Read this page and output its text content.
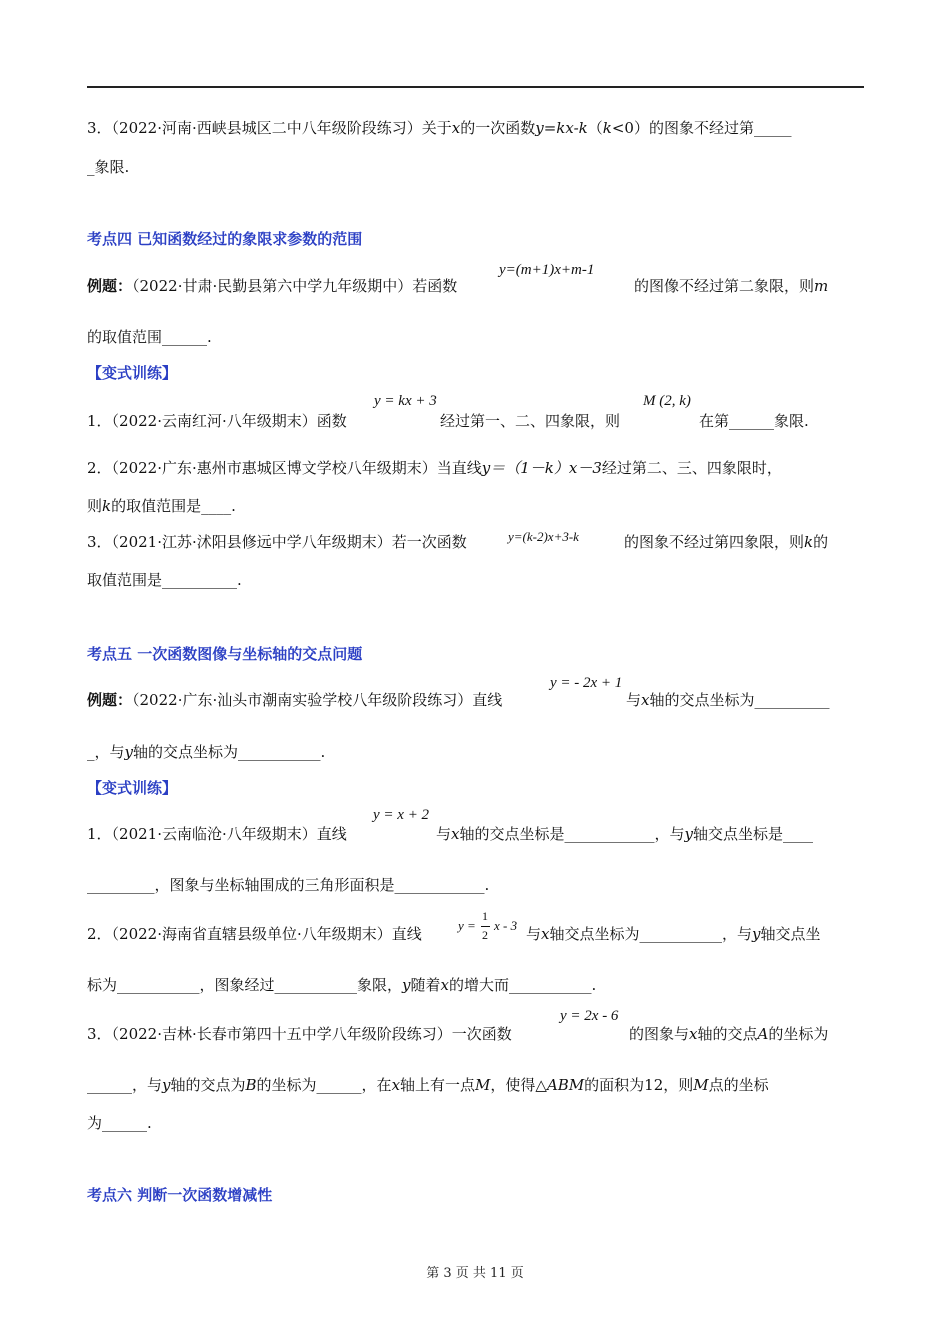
3．（2022·河南·西峡县城区二中八年级阶段练习）关于x的一次函数y=kx-k（k<0）的图象不经过第_____
_象限.
考点四 已知函数经过的象限求参数的范围
例题：（2022·甘肃·民勤县第六中学九年级期中）若函数
y=(m+1)x+m-1
的图像不经过第二象限，则m
的取值范围______.
【变式训练】
1．（2022·云南红河·八年级期末）函数
y = kx + 3
经过第一、二、四象限，则
M (2, k)
在第______象限.
2．（2022·广东·惠州市惠城区博文学校八年级期末）当直线y＝（1－k）x－3经过第二、三、四象限时，
则k的取值范围是____.
3．（2021·江苏·沭阳县修远中学八年级期末）若一次函数	y=(k-2)x+3-k	的图象不经过第四象限，则k的
取值范围是__________.
考点五 一次函数图像与坐标轴的交点问题
例题：（2022·广东·汕头市潮南实验学校八年级阶段练习）直线
y = - 2x + 1
与x轴的交点坐标为__________
_，与y轴的交点坐标为___________.
【变式训练】
1．（2021·云南临沧·八年级期末）直线
y = x + 2
与x轴的交点坐标是____________，与y轴交点坐标是____
_________，图象与坐标轴围成的三角形面积是____________.
2．（2022·海南省直辖县级单位·八年级期末）直线	y =
1
2
x - 3 与x轴交点坐标为___________，与y轴交点坐
标为___________，图象经过___________象限，y随着x的增大而___________.
3．（2022·吉林·长春市第四十五中学八年级阶段练习）一次函数
y = 2x - 6
的图象与x轴的交点A的坐标为
______，与y轴的交点为B的坐标为______，在x轴上有一点M，使得△ABM的面积为12，则M点的坐标
为______.
考点六 判断一次函数增减性
第 3 页 共 11 页
